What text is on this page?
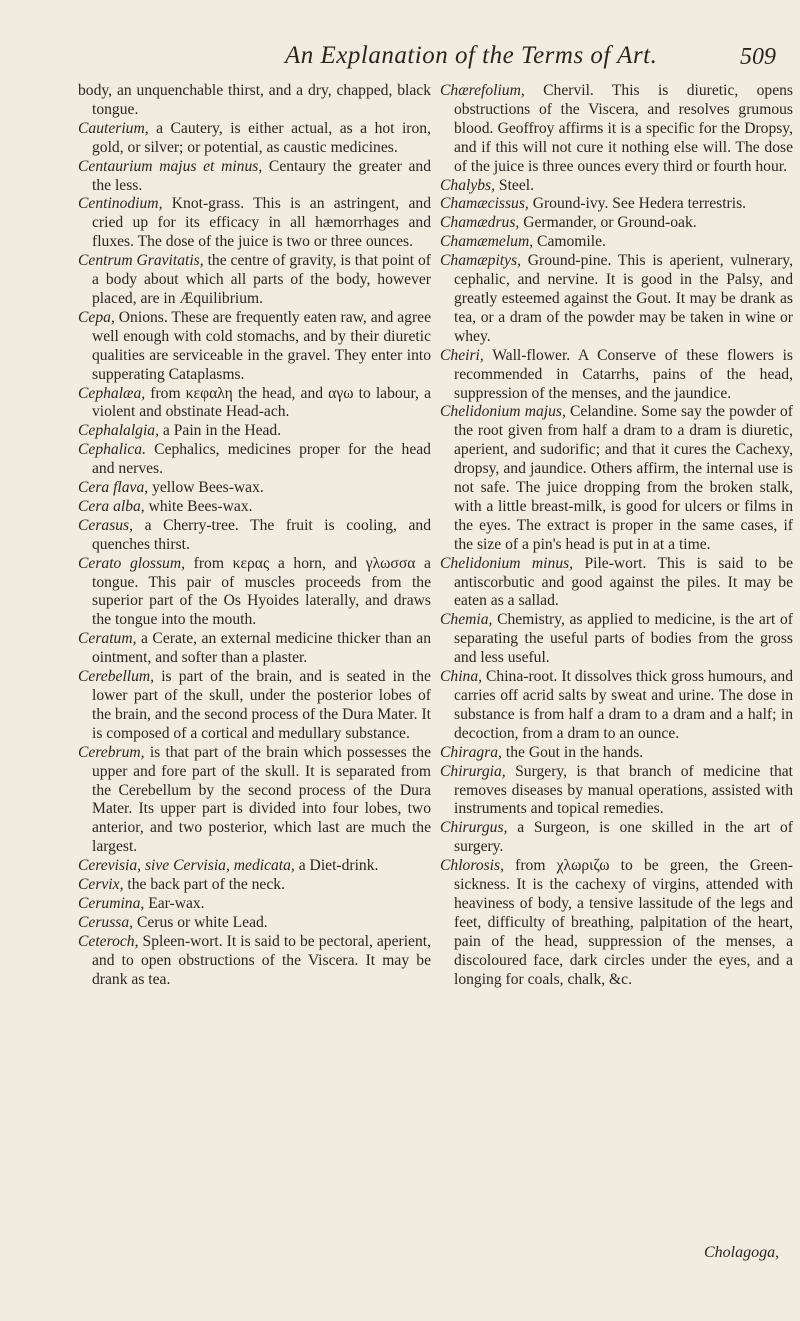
An Explanation of the Terms of Art.	509

body, an unquenchable thirst, and a dry, chapped, black tongue.

Cauterium, a Cautery, is either actual, as a hot iron, gold, or silver; or potential, as caustic medicines.

Centaurium majus et minus, Centaury the greater and the less.

Centinodium, Knot-grass. This is an astringent, and cried up for its efficacy in all hæmorrhages and fluxes. The dose of the juice is two or three ounces.

Centrum Gravitatis, the centre of gravity, is that point of a body about which all parts of the body, however placed, are in Æquilibrium.

Cepa, Onions. These are frequently eaten raw, and agree well enough with cold stomachs, and by their diuretic qualities are serviceable in the gravel. They enter into supperating Cataplasms.

Cephalæa, from κεφαλη the head, and αγω to labour, a violent and obstinate Head-ach.

Cephalalgia, a Pain in the Head.

Cephalica. Cephalics, medicines proper for the head and nerves.

Cera flava, yellow Bees-wax.

Cera alba, white Bees-wax.

Cerasus, a Cherry-tree. The fruit is cooling, and quenches thirst.

Cerato glossum, from κερας a horn, and γλωσσα a tongue. This pair of muscles proceeds from the superior part of the Os Hyoides laterally, and draws the tongue into the mouth.

Ceratum, a Cerate, an external medicine thicker than an ointment, and softer than a plaster.

Cerebellum, is part of the brain, and is seated in the lower part of the skull, under the posterior lobes of the brain, and the second process of the Dura Mater. It is composed of a cortical and medullary substance.

Cerebrum, is that part of the brain which possesses the upper and fore part of the skull. It is separated from the Cerebellum by the second process of the Dura Mater. Its upper part is divided into four lobes, two anterior, and two posterior, which last are much the largest.

Cerevisia, sive Cervisia, medicata, a Diet-drink.

Cervix, the back part of the neck.

Cerumina, Ear-wax.

Cerussa, Cerus or white Lead.

Ceteroch, Spleen-wort. It is said to be pectoral, aperient, and to open obstructions of the Viscera. It may be drank as tea.

Chærefolium, Chervil. This is diuretic, opens obstructions of the Viscera, and resolves grumous blood. Geoffroy affirms it is a specific for the Dropsy, and if this will not cure it nothing else will. The dose of the juice is three ounces every third or fourth hour.

Chalybs, Steel.

Chamæcissus, Ground-ivy. See Hedera terrestris.

Chamædrus, Germander, or Ground-oak.

Chamæmelum, Camomile.

Chamæpitys, Ground-pine. This is aperient, vulnerary, cephalic, and nervine. It is good in the Palsy, and greatly esteemed against the Gout. It may be drank as tea, or a dram of the powder may be taken in wine or whey.

Cheiri, Wall-flower. A Conserve of these flowers is recommended in Catarrhs, pains of the head, suppression of the menses, and the jaundice.

Chelidonium majus, Celandine. Some say the powder of the root given from half a dram to a dram is diuretic, aperient, and sudorific; and that it cures the Cachexy, dropsy, and jaundice. Others affirm, the internal use is not safe. The juice dropping from the broken stalk, with a little breast-milk, is good for ulcers or films in the eyes. The extract is proper in the same cases, if the size of a pin's head is put in at a time.

Chelidonium minus, Pile-wort. This is said to be antiscorbutic and good against the piles. It may be eaten as a sallad.

Chemia, Chemistry, as applied to medicine, is the art of separating the useful parts of bodies from the gross and less useful.

China, China-root. It dissolves thick gross humours, and carries off acrid salts by sweat and urine. The dose in substance is from half a dram to a dram and a half; in decoction, from a dram to an ounce.

Chiragra, the Gout in the hands.

Chirurgia, Surgery, is that branch of medicine that removes diseases by manual operations, assisted with instruments and topical remedies.

Chirurgus, a Surgeon, is one skilled in the art of surgery.

Chlorosis, from χλωριζω to be green, the Green-sickness. It is the cachexy of virgins, attended with heaviness of body, a tensive lassitude of the legs and feet, difficulty of breathing, palpitation of the heart, pain of the head, suppression of the menses, a discoloured face, dark circles under the eyes, and a longing for coals, chalk, &c.

Cholagoga,
